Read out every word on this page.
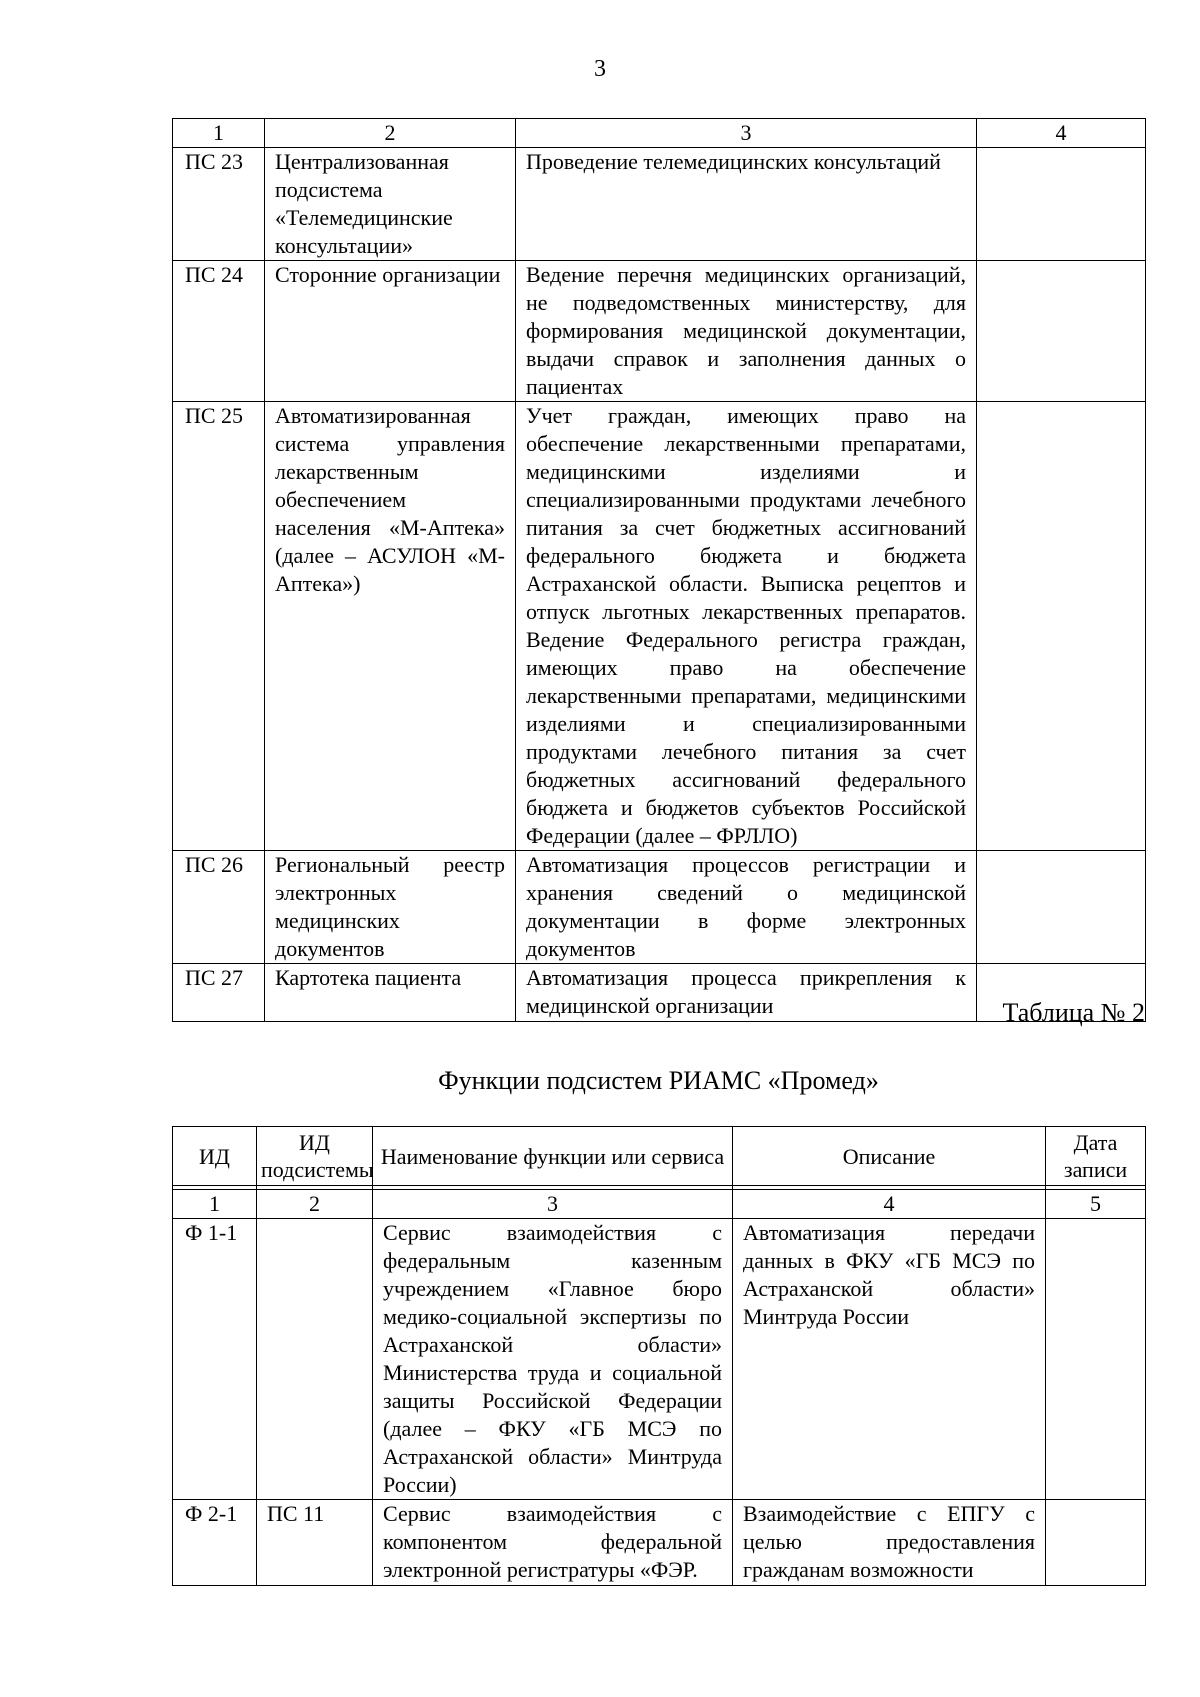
3
1	2	3	4
ПС 23	Централизованная подсистема «Телемедицинские консультации»	Проведение телемедицинских консультаций	
ПС 24	Сторонние организации	Ведение перечня медицинских организаций, не подведомственных министерству, для формирования медицинской документации, выдачи справок и заполнения данных о пациентах	
ПС 25	Автоматизированная система управления лекарственным обеспечением населения «М-Аптека» (далее – АСУЛОН «М-Аптека»)	Учет граждан, имеющих право на обеспечение лекарственными препаратами, медицинскими изделиями и специализированными продуктами лечебного питания за счет бюджетных ассигнований федерального бюджета и бюджета Астраханской области. Выписка рецептов и отпуск льготных лекарственных препаратов. Ведение Федерального регистра граждан, имеющих право на обеспечение лекарственными препаратами, медицинскими изделиями и специализированными продуктами лечебного питания за счет бюджетных ассигнований федерального бюджета и бюджетов субъектов Российской Федерации (далее – ФРЛЛО)	
ПС 26	Региональный реестр электронных медицинских документов	Автоматизация процессов регистрации и хранения сведений о медицинской документации в форме электронных документов	
ПС 27	Картотека пациента	Автоматизация процесса прикрепления к медицинской организации		Таблица № 2
Функции подсистем РИАМС «Промед»
ИД	ИД подсистемы	Наименование функции или сервиса	Описание	Дата записи

1	2	3	4	5
Ф 1-1		Сервис взаимодействия с федеральным казенным учреждением «Главное бюро медико-социальной экспертизы по Астраханской области» Министерства труда и социальной защиты Российской Федерации (далее – ФКУ «ГБ МСЭ по Астраханской области» Минтруда России)	Автоматизация передачи данных в ФКУ «ГБ МСЭ по Астраханской области» Минтруда России	
Ф 2-1	ПС 11	Сервис взаимодействия с компонентом федеральной электронной регистратуры «ФЭР.	Взаимодействие с ЕПГУ с целью предоставления гражданам возможности	
